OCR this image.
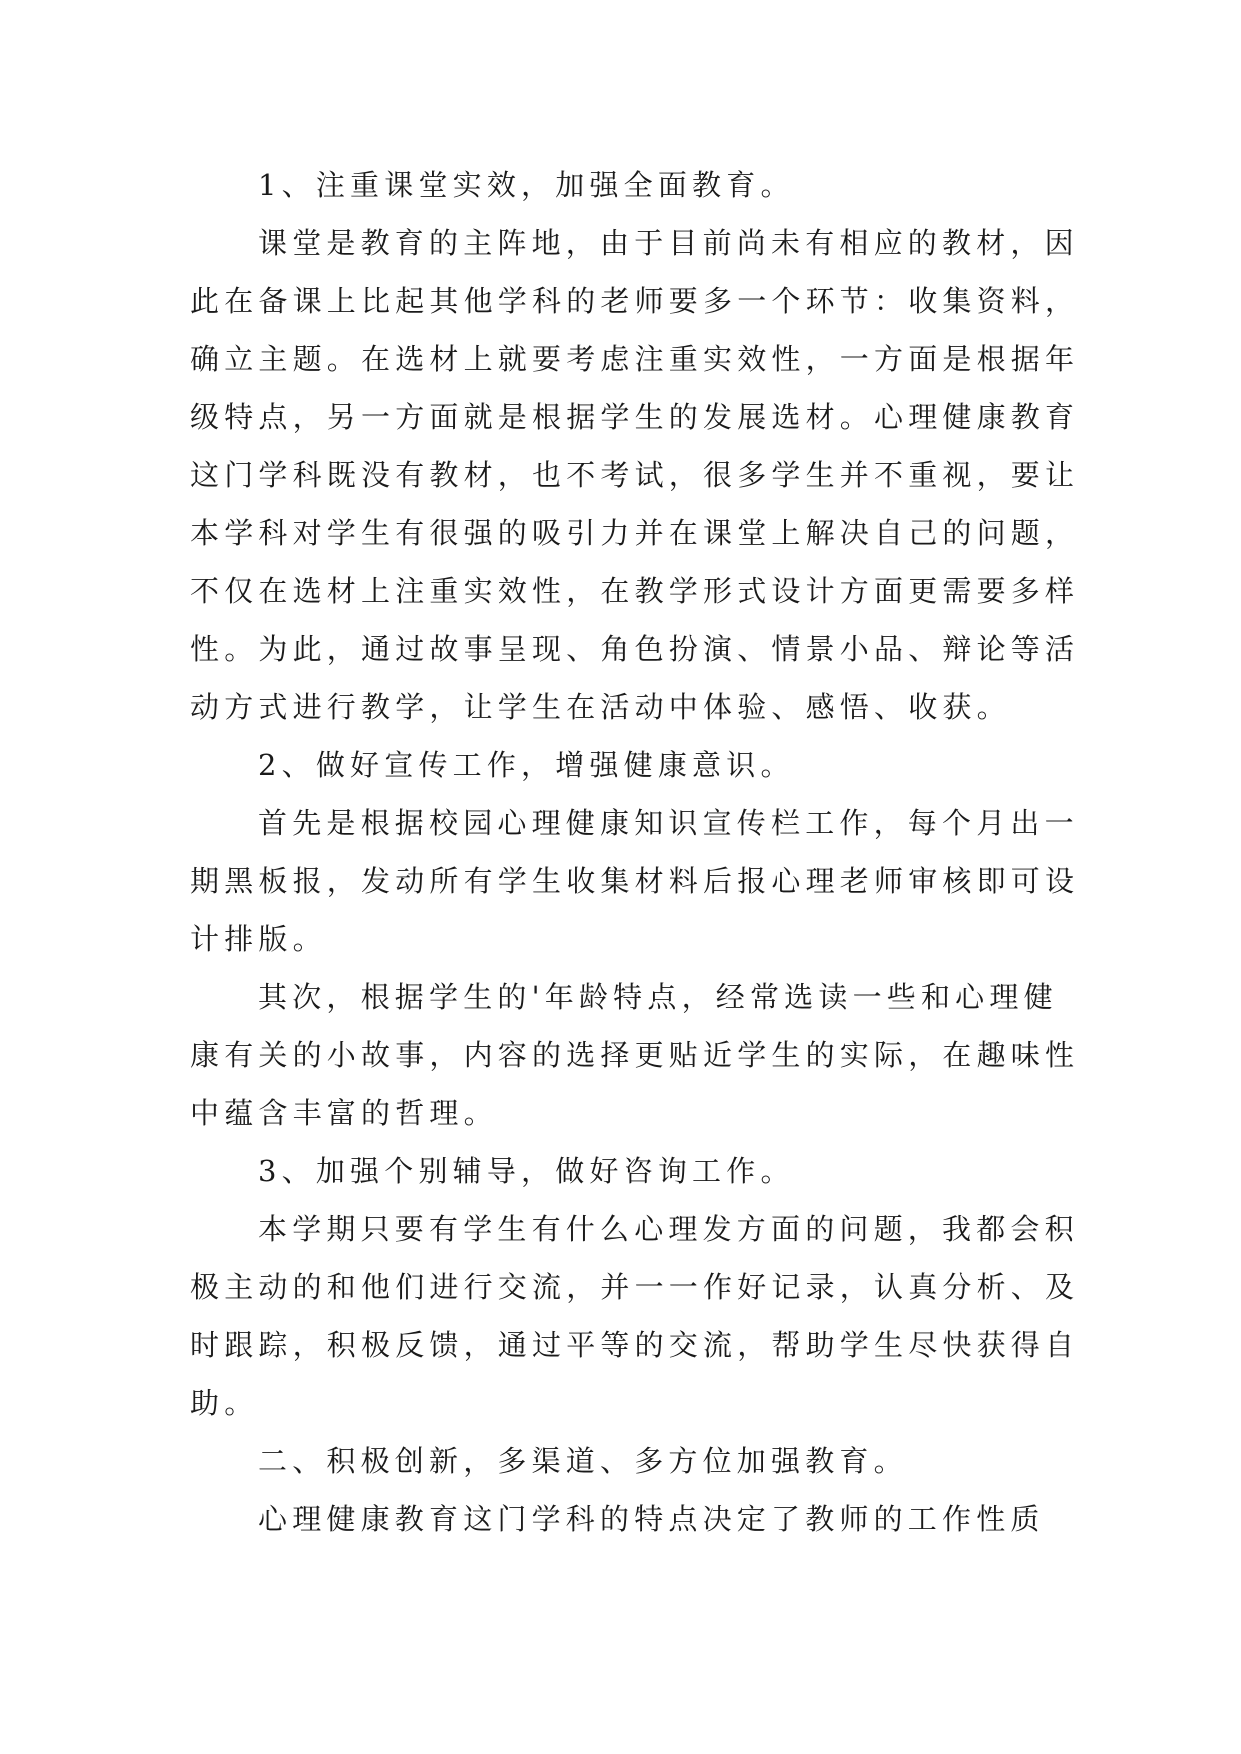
1、注重课堂实效，加强全面教育。
课堂是教育的主阵地，由于目前尚未有相应的教材，因
此在备课上比起其他学科的老师要多一个环节：收集资料，
确立主题。在选材上就要考虑注重实效性，一方面是根据年
级特点，另一方面就是根据学生的发展选材。心理健康教育
这门学科既没有教材，也不考试，很多学生并不重视，要让
本学科对学生有很强的吸引力并在课堂上解决自己的问题，
不仅在选材上注重实效性，在教学形式设计方面更需要多样
性。为此，通过故事呈现、角色扮演、情景小品、辩论等活
动方式进行教学，让学生在活动中体验、感悟、收获。
2、做好宣传工作，增强健康意识。
首先是根据校园心理健康知识宣传栏工作，每个月出一
期黑板报，发动所有学生收集材料后报心理老师审核即可设
计排版。
其次，根据学生的'年龄特点，经常选读一些和心理健
康有关的小故事，内容的选择更贴近学生的实际，在趣味性
中蕴含丰富的哲理。
3、加强个别辅导，做好咨询工作。
本学期只要有学生有什么心理发方面的问题，我都会积
极主动的和他们进行交流，并一一作好记录，认真分析、及
时跟踪，积极反馈，通过平等的交流，帮助学生尽快获得自
助。
二、积极创新，多渠道、多方位加强教育。
心理健康教育这门学科的特点决定了教师的工作性质
